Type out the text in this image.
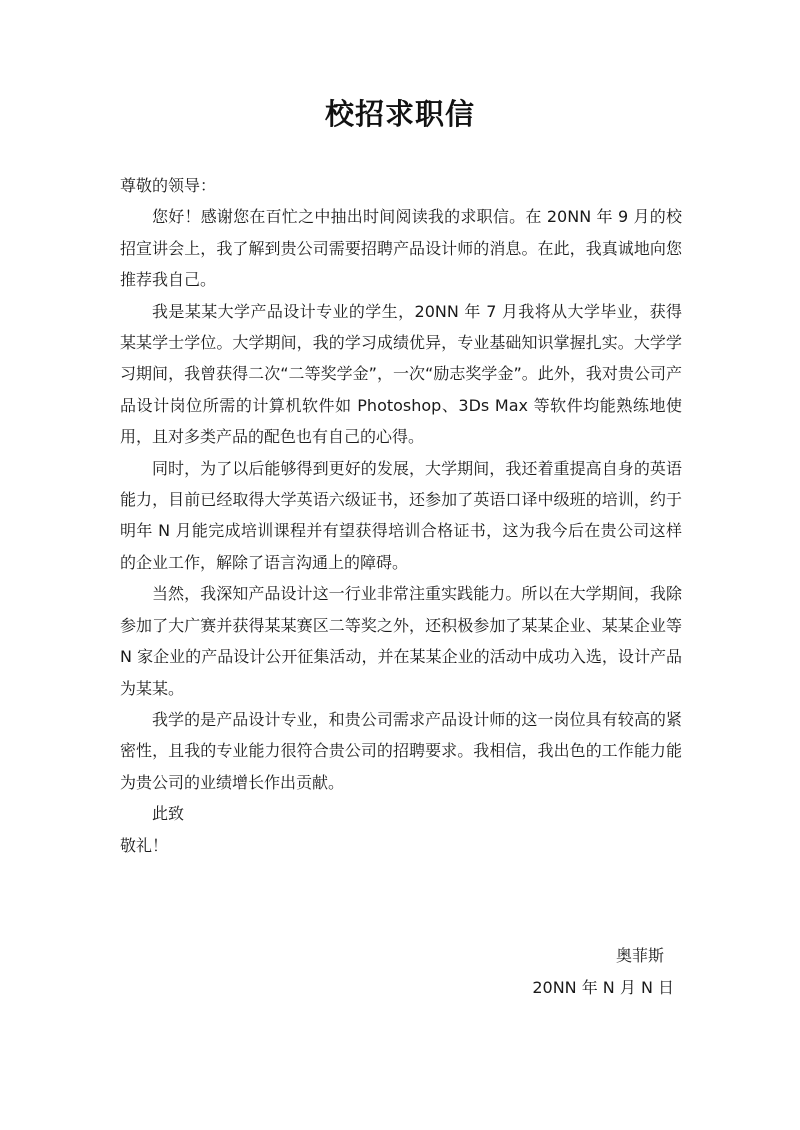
校招求职信

尊敬的领导：

您好！感谢您在百忙之中抽出时间阅读我的求职信。在 20NN 年 9 月的校招宣讲会上，我了解到贵公司需要招聘产品设计师的消息。在此，我真诚地向您推荐我自己。

我是某某大学产品设计专业的学生，20NN 年 7 月我将从大学毕业，获得某某学士学位。大学期间，我的学习成绩优异，专业基础知识掌握扎实。大学学习期间，我曾获得二次“二等奖学金”，一次“励志奖学金”。此外，我对贵公司产品设计岗位所需的计算机软件如 Photoshop、3Ds Max 等软件均能熟练地使用，且对多类产品的配色也有自己的心得。

同时，为了以后能够得到更好的发展，大学期间，我还着重提高自身的英语能力，目前已经取得大学英语六级证书，还参加了英语口译中级班的培训，约于明年 N 月能完成培训课程并有望获得培训合格证书，这为我今后在贵公司这样的企业工作，解除了语言沟通上的障碍。

当然，我深知产品设计这一行业非常注重实践能力。所以在大学期间，我除参加了大广赛并获得某某赛区二等奖之外，还积极参加了某某企业、某某企业等 N 家企业的产品设计公开征集活动，并在某某企业的活动中成功入选，设计产品为某某。

我学的是产品设计专业，和贵公司需求产品设计师的这一岗位具有较高的紧密性，且我的专业能力很符合贵公司的招聘要求。我相信，我出色的工作能力能为贵公司的业绩增长作出贡献。

此致

敬礼！

奥菲斯
20NN 年 N 月 N 日
